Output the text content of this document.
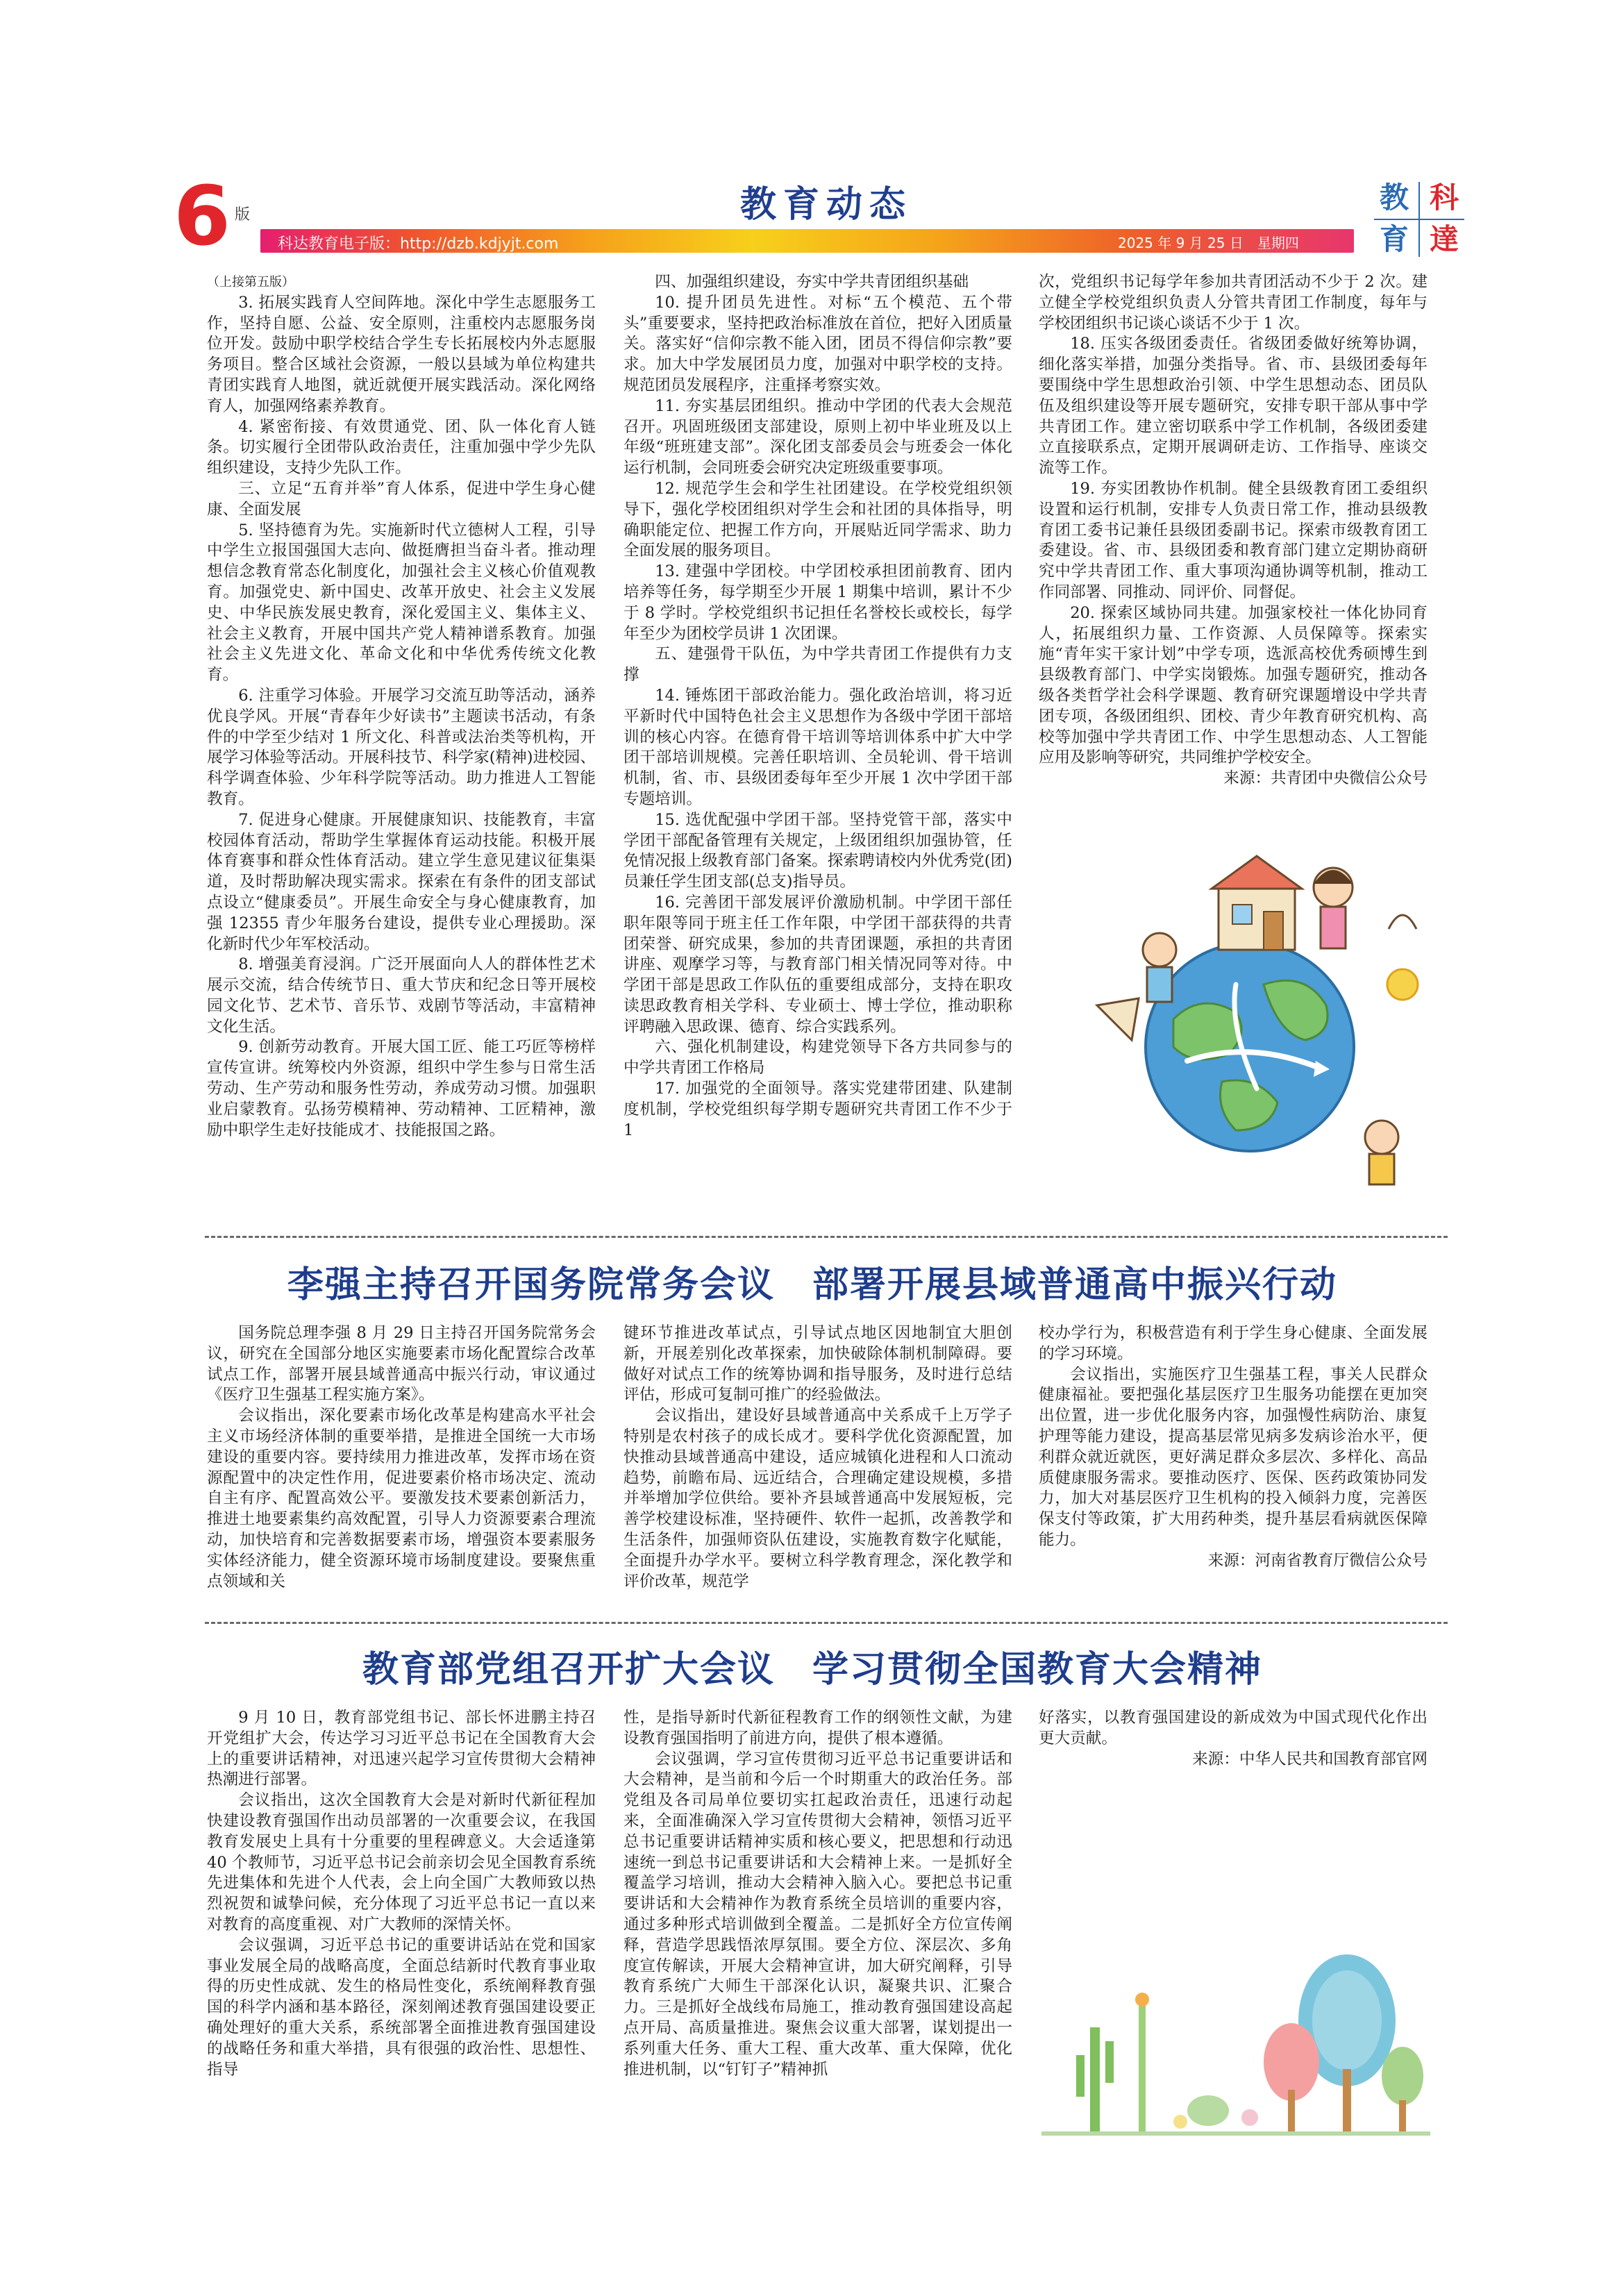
6 版	教育动态
科达教育电子版：http://dzb.kdjyjt.com	2025 年 9 月 25 日　星期四
教 科
育 達

（上接第五版）

3. 拓展实践育人空间阵地。深化中学生志愿服务工作，坚持自愿、公益、安全原则，注重校内志愿服务岗位开发。鼓励中职学校结合学生专长拓展校内外志愿服务项目。整合区域社会资源，一般以县域为单位构建共青团实践育人地图，就近就便开展实践活动。深化网络育人，加强网络素养教育。

4. 紧密衔接、有效贯通党、团、队一体化育人链条。切实履行全团带队政治责任，注重加强中学少先队组织建设，支持少先队工作。

三、立足“五育并举”育人体系，促进中学生身心健康、全面发展

5. 坚持德育为先。实施新时代立德树人工程，引导中学生立报国强国大志向、做挺膺担当奋斗者。推动理想信念教育常态化制度化，加强社会主义核心价值观教育。加强党史、新中国史、改革开放史、社会主义发展史、中华民族发展史教育，深化爱国主义、集体主义、社会主义教育，开展中国共产党人精神谱系教育。加强社会主义先进文化、革命文化和中华优秀传统文化教育。

6. 注重学习体验。开展学习交流互助等活动，涵养优良学风。开展“青春年少好读书”主题读书活动，有条件的中学至少结对 1 所文化、科普或法治类等机构，开展学习体验等活动。开展科技节、科学家(精神)进校园、科学调查体验、少年科学院等活动。助力推进人工智能教育。

7. 促进身心健康。开展健康知识、技能教育，丰富校园体育活动，帮助学生掌握体育运动技能。积极开展体育赛事和群众性体育活动。建立学生意见建议征集渠道，及时帮助解决现实需求。探索在有条件的团支部试点设立“健康委员”。开展生命安全与身心健康教育，加强 12355 青少年服务台建设，提供专业心理援助。深化新时代少年军校活动。

8. 增强美育浸润。广泛开展面向人人的群体性艺术展示交流，结合传统节日、重大节庆和纪念日等开展校园文化节、艺术节、音乐节、戏剧节等活动，丰富精神文化生活。

9. 创新劳动教育。开展大国工匠、能工巧匠等榜样宣传宣讲。统筹校内外资源，组织中学生参与日常生活劳动、生产劳动和服务性劳动，养成劳动习惯。加强职业启蒙教育。弘扬劳模精神、劳动精神、工匠精神，激励中职学生走好技能成才、技能报国之路。

四、加强组织建设，夯实中学共青团组织基础

10. 提升团员先进性。对标“五个模范、五个带头”重要要求，坚持把政治标准放在首位，把好入团质量关。落实好“信仰宗教不能入团，团员不得信仰宗教”要求。加大中学发展团员力度，加强对中职学校的支持。规范团员发展程序，注重择考察实效。

11. 夯实基层团组织。推动中学团的代表大会规范召开。巩固班级团支部建设，原则上初中毕业班及以上年级“班班建支部”。深化团支部委员会与班委会一体化运行机制，会同班委会研究决定班级重要事项。

12. 规范学生会和学生社团建设。在学校党组织领导下，强化学校团组织对学生会和社团的具体指导，明确职能定位、把握工作方向，开展贴近同学需求、助力全面发展的服务项目。

13. 建强中学团校。中学团校承担团前教育、团内培养等任务，每学期至少开展 1 期集中培训，累计不少于 8 学时。学校党组织书记担任名誉校长或校长，每学年至少为团校学员讲 1 次团课。

五、建强骨干队伍，为中学共青团工作提供有力支撑

14. 锤炼团干部政治能力。强化政治培训，将习近平新时代中国特色社会主义思想作为各级中学团干部培训的核心内容。在德育骨干培训等培训体系中扩大中学团干部培训规模。完善任职培训、全员轮训、骨干培训机制，省、市、县级团委每年至少开展 1 次中学团干部专题培训。

15. 选优配强中学团干部。坚持党管干部，落实中学团干部配备管理有关规定，上级团组织加强协管，任免情况报上级教育部门备案。探索聘请校内外优秀党(团)员兼任学生团支部(总支)指导员。

16. 完善团干部发展评价激励机制。中学团干部任职年限等同于班主任工作年限，中学团干部获得的共青团荣誉、研究成果，参加的共青团课题，承担的共青团讲座、观摩学习等，与教育部门相关情况同等对待。中学团干部是思政工作队伍的重要组成部分，支持在职攻读思政教育相关学科、专业硕士、博士学位，推动职称评聘融入思政课、德育、综合实践系列。

六、强化机制建设，构建党领导下各方共同参与的中学共青团工作格局

17. 加强党的全面领导。落实党建带团建、队建制度机制，学校党组织每学期专题研究共青团工作不少于 1

次，党组织书记每学年参加共青团活动不少于 2 次。建立健全学校党组织负责人分管共青团工作制度，每年与学校团组织书记谈心谈话不少于 1 次。

18. 压实各级团委责任。省级团委做好统筹协调，细化落实举措，加强分类指导。省、市、县级团委每年要围绕中学生思想政治引领、中学生思想动态、团员队伍及组织建设等开展专题研究，安排专职干部从事中学共青团工作。建立密切联系中学工作机制，各级团委建立直接联系点，定期开展调研走访、工作指导、座谈交流等工作。

19. 夯实团教协作机制。健全县级教育团工委组织设置和运行机制，安排专人负责日常工作，推动县级教育团工委书记兼任县级团委副书记。探索市级教育团工委建设。省、市、县级团委和教育部门建立定期协商研究中学共青团工作、重大事项沟通协调等机制，推动工作同部署、同推动、同评价、同督促。

20. 探索区域协同共建。加强家校社一体化协同育人，拓展组织力量、工作资源、人员保障等。探索实施“青年实干家计划”中学专项，选派高校优秀硕博生到县级教育部门、中学实岗锻炼。加强专题研究，推动各级各类哲学社会科学课题、教育研究课题增设中学共青团专项，各级团组织、团校、青少年教育研究机构、高校等加强中学共青团工作、中学生思想动态、人工智能应用及影响等研究，共同维护学校安全。

来源：共青团中央微信公众号

李强主持召开国务院常务会议　部署开展县域普通高中振兴行动

国务院总理李强 8 月 29 日主持召开国务院常务会议，研究在全国部分地区实施要素市场化配置综合改革试点工作，部署开展县域普通高中振兴行动，审议通过《医疗卫生强基工程实施方案》。

会议指出，深化要素市场化改革是构建高水平社会主义市场经济体制的重要举措，是推进全国统一大市场建设的重要内容。要持续用力推进改革，发挥市场在资源配置中的决定性作用，促进要素价格市场决定、流动自主有序、配置高效公平。要激发技术要素创新活力，推进土地要素集约高效配置，引导人力资源要素合理流动，加快培育和完善数据要素市场，增强资本要素服务实体经济能力，健全资源环境市场制度建设。要聚焦重点领域和关

键环节推进改革试点，引导试点地区因地制宜大胆创新，开展差别化改革探索，加快破除体制机制障碍。要做好对试点工作的统筹协调和指导服务，及时进行总结评估，形成可复制可推广的经验做法。

会议指出，建设好县域普通高中关系成千上万学子特别是农村孩子的成长成才。要科学优化资源配置，加快推动县域普通高中建设，适应城镇化进程和人口流动趋势，前瞻布局、远近结合，合理确定建设规模，多措并举增加学位供给。要补齐县域普通高中发展短板，完善学校建设标准，坚持硬件、软件一起抓，改善教学和生活条件，加强师资队伍建设，实施教育数字化赋能，全面提升办学水平。要树立科学教育理念，深化教学和评价改革，规范学

校办学行为，积极营造有利于学生身心健康、全面发展的学习环境。

会议指出，实施医疗卫生强基工程，事关人民群众健康福祉。要把强化基层医疗卫生服务功能摆在更加突出位置，进一步优化服务内容，加强慢性病防治、康复护理等能力建设，提高基层常见病多发病诊治水平，便利群众就近就医，更好满足群众多层次、多样化、高品质健康服务需求。要推动医疗、医保、医药政策协同发力，加大对基层医疗卫生机构的投入倾斜力度，完善医保支付等政策，扩大用药种类，提升基层看病就医保障能力。

来源：河南省教育厅微信公众号

教育部党组召开扩大会议　学习贯彻全国教育大会精神

9 月 10 日，教育部党组书记、部长怀进鹏主持召开党组扩大会，传达学习习近平总书记在全国教育大会上的重要讲话精神，对迅速兴起学习宣传贯彻大会精神热潮进行部署。

会议指出，这次全国教育大会是对新时代新征程加快建设教育强国作出动员部署的一次重要会议，在我国教育发展史上具有十分重要的里程碑意义。大会适逢第 40 个教师节，习近平总书记会前亲切会见全国教育系统先进集体和先进个人代表，会上向全国广大教师致以热烈祝贺和诚挚问候，充分体现了习近平总书记一直以来对教育的高度重视、对广大教师的深情关怀。

会议强调，习近平总书记的重要讲话站在党和国家事业发展全局的战略高度，全面总结新时代教育事业取得的历史性成就、发生的格局性变化，系统阐释教育强国的科学内涵和基本路径，深刻阐述教育强国建设要正确处理好的重大关系，系统部署全面推进教育强国建设的战略任务和重大举措，具有很强的政治性、思想性、指导

性，是指导新时代新征程教育工作的纲领性文献，为建设教育强国指明了前进方向，提供了根本遵循。

会议强调，学习宣传贯彻习近平总书记重要讲话和大会精神，是当前和今后一个时期重大的政治任务。部党组及各司局单位要切实扛起政治责任，迅速行动起来，全面准确深入学习宣传贯彻大会精神，领悟习近平总书记重要讲话精神实质和核心要义，把思想和行动迅速统一到总书记重要讲话和大会精神上来。一是抓好全覆盖学习培训，推动大会精神入脑入心。要把总书记重要讲话和大会精神作为教育系统全员培训的重要内容，通过多种形式培训做到全覆盖。二是抓好全方位宣传阐释，营造学思践悟浓厚氛围。要全方位、深层次、多角度宣传解读，开展大会精神宣讲，加大研究阐释，引导教育系统广大师生干部深化认识，凝聚共识、汇聚合力。三是抓好全战线布局施工，推动教育强国建设高起点开局、高质量推进。聚焦会议重大部署，谋划提出一系列重大任务、重大工程、重大改革、重大保障，优化推进机制，以“钉钉子”精神抓

好落实，以教育强国建设的新成效为中国式现代化作出更大贡献。

来源：中华人民共和国教育部官网
